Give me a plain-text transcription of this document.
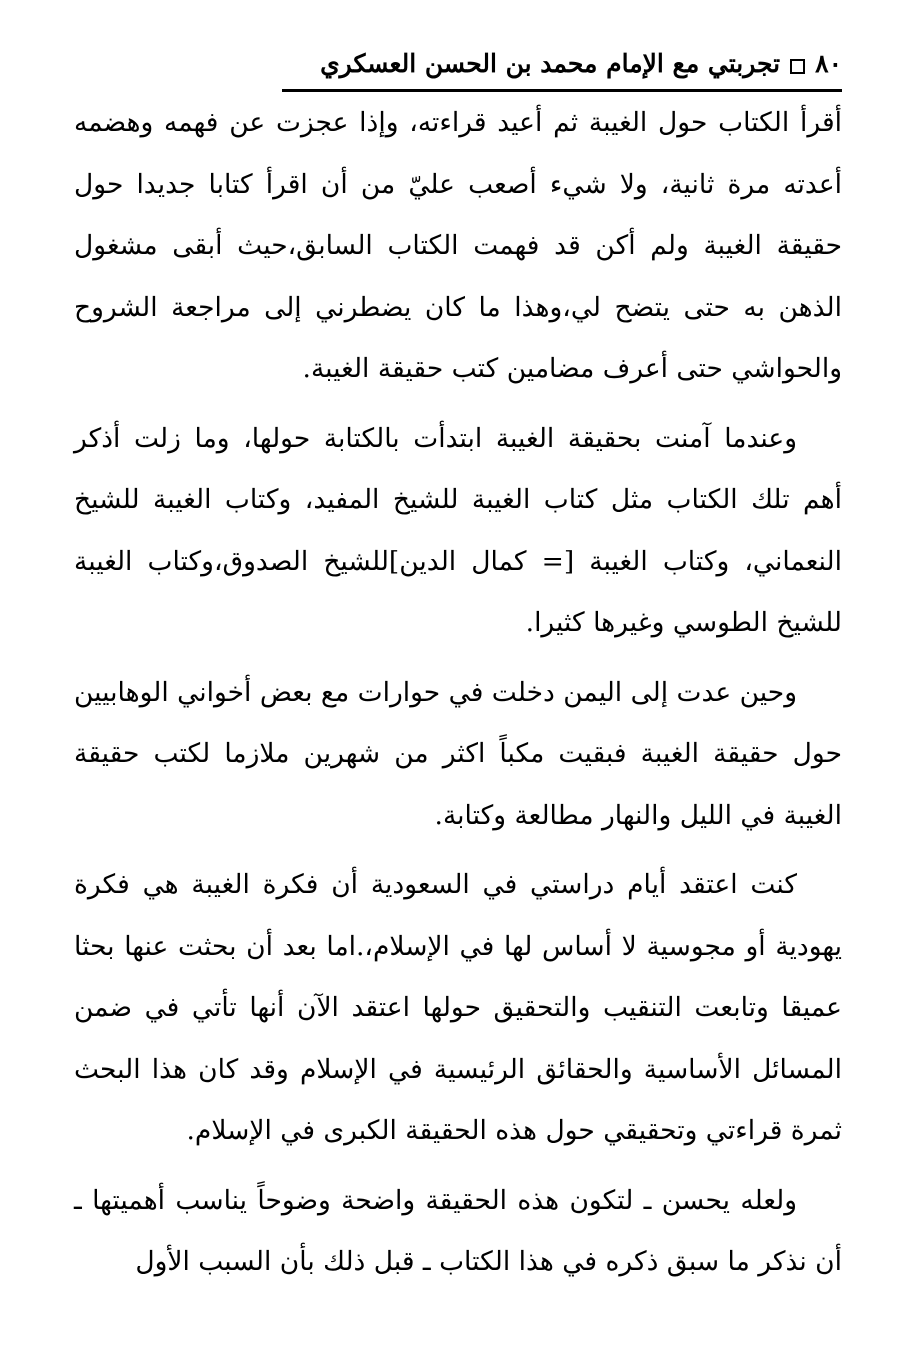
٨٠
تجربتي مع الإمام محمد بن الحسن العسكري

أقرأ الكتاب حول الغيبة ثم أعيد قراءته، وإذا عجزت عن فهمه وهضمه أعدته مرة ثانية، ولا شيء أصعب عليّ من أن اقرأ كتابا جديدا حول حقيقة الغيبة ولم أكن قد فهمت الكتاب السابق،حيث أبقى مشغول الذهن به حتى يتضح لي،وهذا ما كان يضطرني إلى مراجعة الشروح والحواشي حتى أعرف مضامين كتب حقيقة الغيبة.

وعندما آمنت بحقيقة الغيبة ابتدأت بالكتابة حولها، وما زلت أذكر أهم تلك الكتاب مثل كتاب الغيبة للشيخ المفيد، وكتاب الغيبة للشيخ النعماني، وكتاب الغيبة [= كمال الدين]للشيخ الصدوق،وكتاب الغيبة للشيخ الطوسي وغيرها كثيرا.

وحين عدت إلى اليمن دخلت في حوارات مع بعض أخواني الوهابيين حول حقيقة الغيبة فبقيت مكباً اكثر من شهرين ملازما لكتب حقيقة الغيبة في الليل والنهار مطالعة وكتابة.

كنت اعتقد أيام دراستي في السعودية أن فكرة الغيبة هي فكرة يهودية أو مجوسية لا أساس لها في الإسلام،.اما بعد أن بحثت عنها بحثا عميقا وتابعت التنقيب والتحقيق حولها اعتقد الآن أنها تأتي في ضمن المسائل الأساسية والحقائق الرئيسية في الإسلام وقد كان هذا البحث ثمرة قراءتي وتحقيقي حول هذه الحقيقة الكبرى في الإسلام.

ولعله يحسن ـ لتكون هذه الحقيقة واضحة وضوحاً يناسب أهميتها ـ أن نذكر ما سبق ذكره في هذا الكتاب ـ قبل ذلك بأن السبب الأول
